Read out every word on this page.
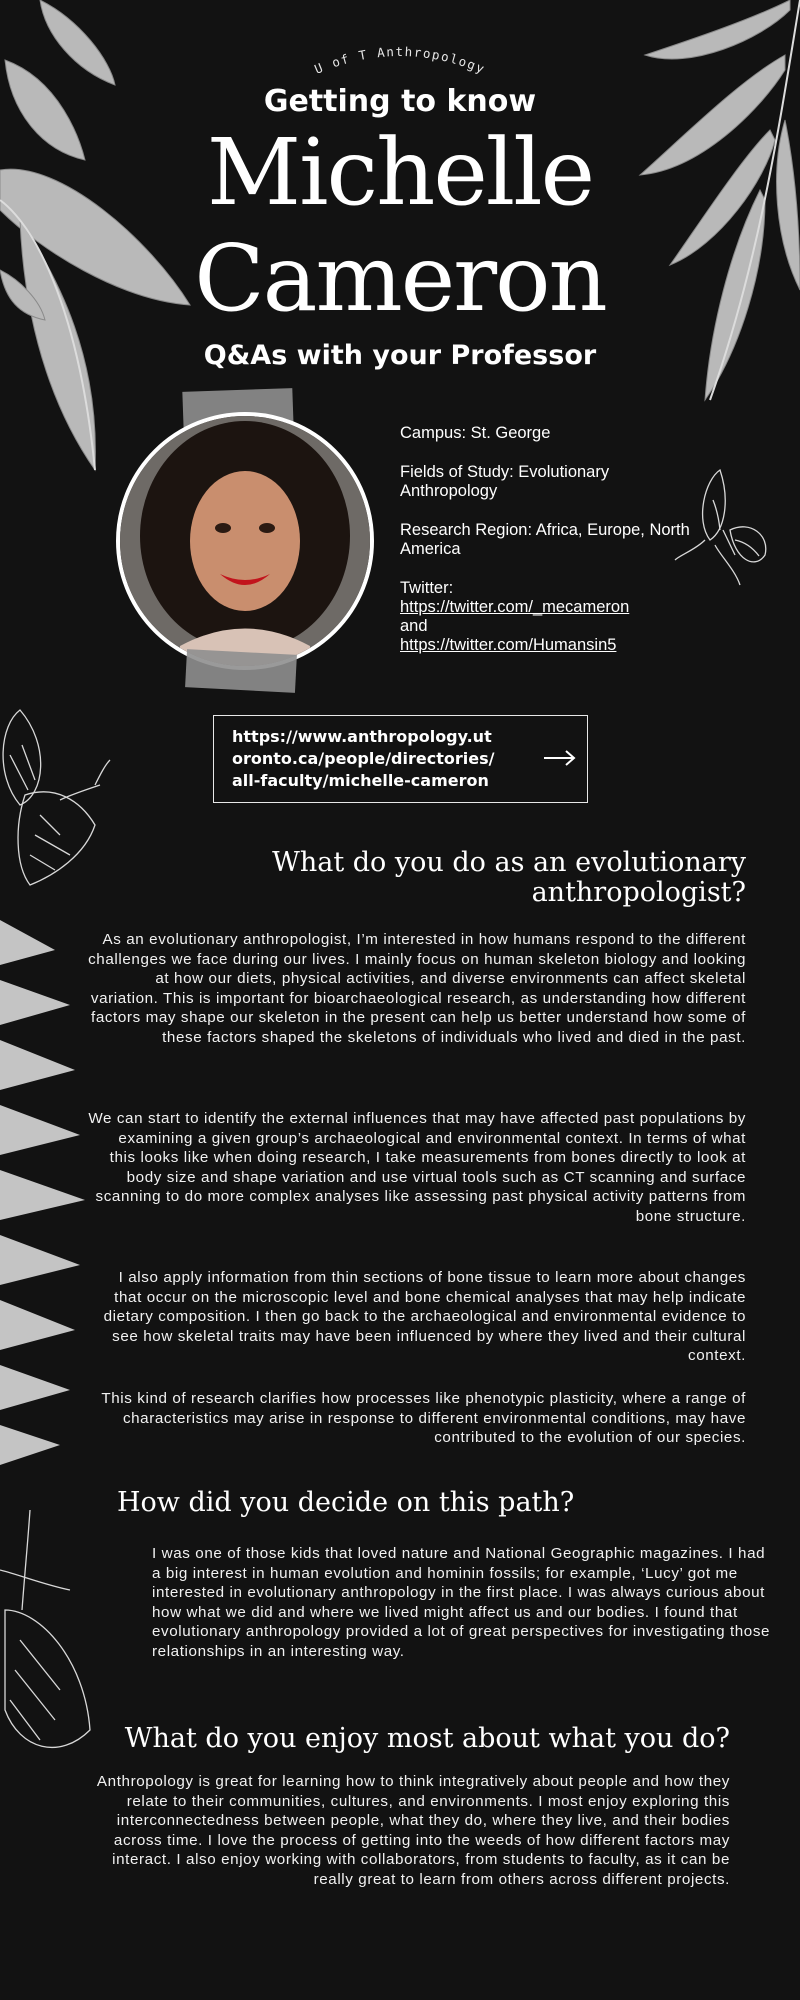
U of T Anthropology
Getting to know
Michelle
Cameron
Q&As with your Professor

Campus: St. George

Fields of Study: Evolutionary Anthropology

Research Region: Africa, Europe, North America

Twitter:
https://twitter.com/_mecameron
and
https://twitter.com/Humansin5

https://www.anthropology.utoronto.ca/people/directories/all-faculty/michelle-cameron
What do you do as an evolutionary anthropologist?

As an evolutionary anthropologist, I’m interested in how humans respond to the different challenges we face during our lives. I mainly focus on human skeleton biology and looking at how our diets, physical activities, and diverse environments can affect skeletal variation. This is important for bioarchaeological research, as understanding how different factors may shape our skeleton in the present can help us better understand how some of these factors shaped the skeletons of individuals who lived and died in the past.

We can start to identify the external influences that may have affected past populations by examining a given group’s archaeological and environmental context. In terms of what this looks like when doing research, I take measurements from bones directly to look at body size and shape variation and use virtual tools such as CT scanning and surface scanning to do more complex analyses like assessing past physical activity patterns from bone structure.

I also apply information from thin sections of bone tissue to learn more about changes that occur on the microscopic level and bone chemical analyses that may help indicate dietary composition. I then go back to the archaeological and environmental evidence to see how skeletal traits may have been influenced by where they lived and their cultural context.

This kind of research clarifies how processes like phenotypic plasticity, where a range of characteristics may arise in response to different environmental conditions, may have contributed to the evolution of our species.

How did you decide on this path?

I was one of those kids that loved nature and National Geographic magazines. I had a big interest in human evolution and hominin fossils; for example, ‘Lucy’ got me interested in evolutionary anthropology in the first place. I was always curious about how what we did and where we lived might affect us and our bodies. I found that evolutionary anthropology provided a lot of great perspectives for investigating those relationships in an interesting way.

What do you enjoy most about what you do?

Anthropology is great for learning how to think integratively about people and how they relate to their communities, cultures, and environments. I most enjoy exploring this interconnectedness between people, what they do, where they live, and their bodies across time. I love the process of getting into the weeds of how different factors may interact. I also enjoy working with collaborators, from students to faculty, as it can be really great to learn from others across different projects.
